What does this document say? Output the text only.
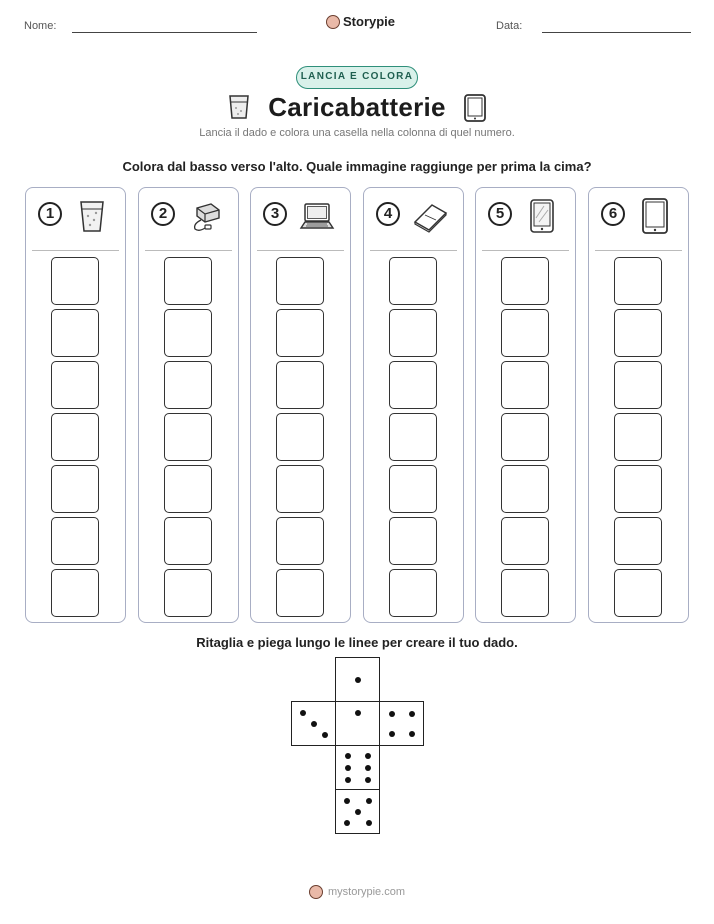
Nome:	Storypie	Data:
LANCIA E COLORA
Caricabatterie
Lancia il dado e colora una casella nella colonna di quel numero.
Colora dal basso verso l'alto. Quale immagine raggiunge per prima la cima?
1	2	3	4	5	6
Ritaglia e piega lungo le linee per creare il tuo dado.
mystorypie.com
